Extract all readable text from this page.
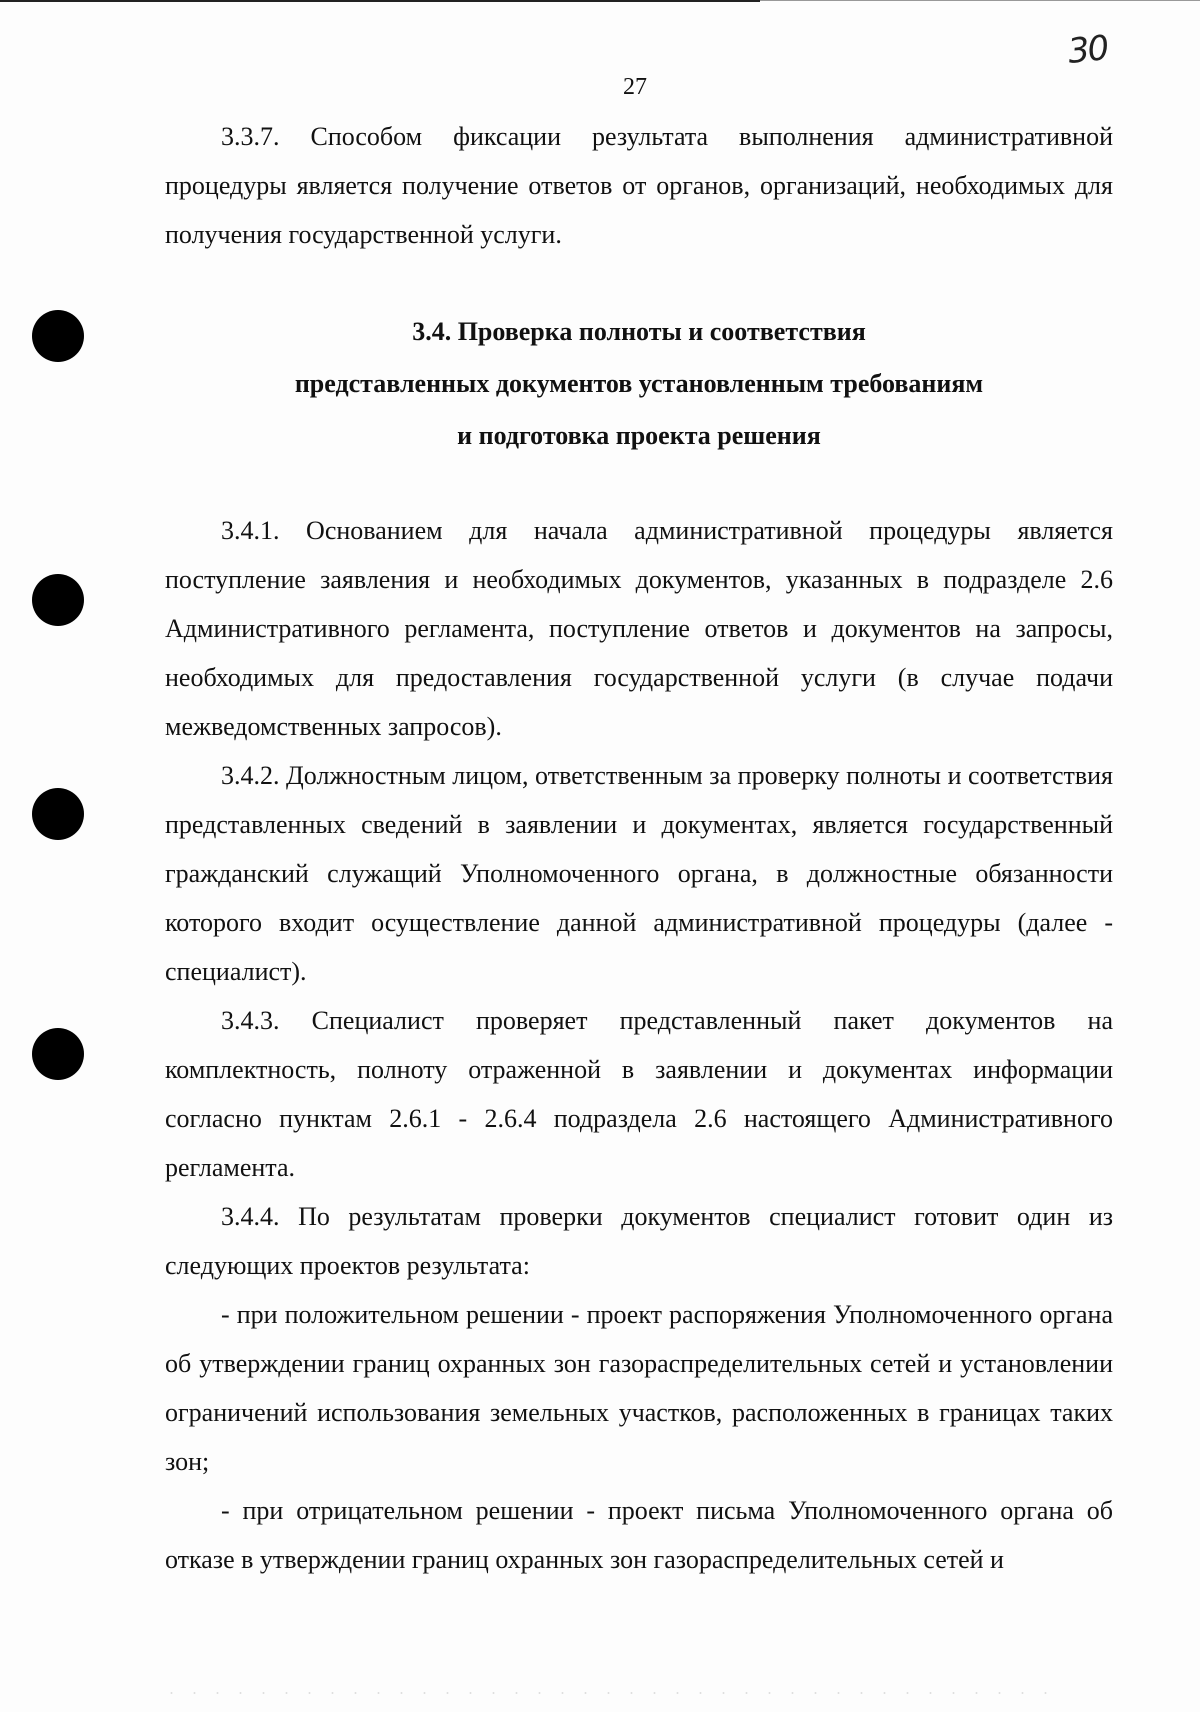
30
27

3.3.7. Способом фиксации результата выполнения административной процедуры является получение ответов от органов, организаций, необходимых для получения государственной услуги.

3.4. Проверка полноты и соответствия
представленных документов установленным требованиям
и подготовка проекта решения

3.4.1. Основанием для начала административной процедуры является поступление заявления и необходимых документов, указанных в подразделе 2.6 Административного регламента, поступление ответов и документов на запросы, необходимых для предоставления государственной услуги (в случае подачи межведомственных запросов).

3.4.2. Должностным лицом, ответственным за проверку полноты и соответствия представленных сведений в заявлении и документах, является государственный гражданский служащий Уполномоченного органа, в должностные обязанности которого входит осуществление данной административной процедуры (далее - специалист).

3.4.3. Специалист проверяет представленный пакет документов на комплектность, полноту отраженной в заявлении и документах информации согласно пунктам 2.6.1 - 2.6.4 подраздела 2.6 настоящего Административного регламента.

3.4.4. По результатам проверки документов специалист готовит один из следующих проектов результата:

- при положительном решении - проект распоряжения Уполномоченного органа об утверждении границ охранных зон газораспределительных сетей и установлении ограничений использования земельных участков, расположенных в границах таких зон;

- при отрицательном решении - проект письма Уполномоченного органа об отказе в утверждении границ охранных зон газораспределительных сетей и
